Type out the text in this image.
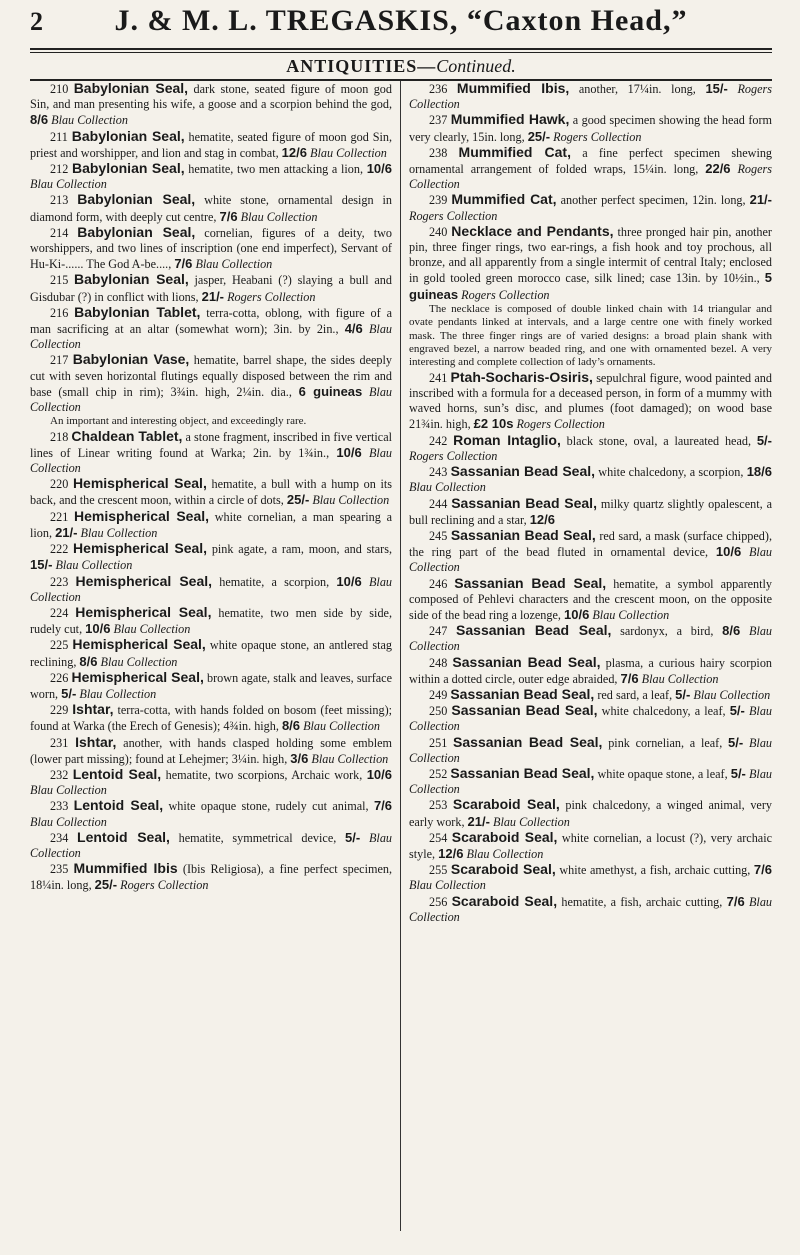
2	J. & M. L. TREGASKIS, “Caxton Head,”
ANTIQUITIES—Continued.

210 Babylonian Seal, dark stone, seated figure of moon god Sin, and man presenting his wife, a goose and a scorpion behind the god, 8/6 Blau Collection

211 Babylonian Seal, hematite, seated figure of moon god Sin, priest and worshipper, and lion and stag in combat, 12/6 Blau Collection

212 Babylonian Seal, hematite, two men attacking a lion, 10/6 Blau Collection

213 Babylonian Seal, white stone, ornamental design in diamond form, with deeply cut centre, 7/6 Blau Collection

214 Babylonian Seal, cornelian, figures of a deity, two worshippers, and two lines of inscription (one end imperfect), Servant of Hu-Ki-...... The God A-be...., 7/6 Blau Collection

215 Babylonian Seal, jasper, Heabani (?) slaying a bull and Gisdubar (?) in conflict with lions, 21/- Rogers Collection

216 Babylonian Tablet, terra-cotta, oblong, with figure of a man sacrificing at an altar (somewhat worn); 3in. by 2in., 4/6 Blau Collection

217 Babylonian Vase, hematite, barrel shape, the sides deeply cut with seven horizontal flutings equally disposed between the rim and base (small chip in rim); 3¾in. high, 2¼in. dia., 6 guineas Blau Collection

An important and interesting object, and exceedingly rare.

218 Chaldean Tablet, a stone fragment, inscribed in five vertical lines of Linear writing found at Warka; 2in. by 1¾in., 10/6 Blau Collection

220 Hemispherical Seal, hematite, a bull with a hump on its back, and the crescent moon, within a circle of dots, 25/- Blau Collection

221 Hemispherical Seal, white cornelian, a man spearing a lion, 21/- Blau Collection

222 Hemispherical Seal, pink agate, a ram, moon, and stars, 15/- Blau Collection

223 Hemispherical Seal, hematite, a scorpion, 10/6 Blau Collection

224 Hemispherical Seal, hematite, two men side by side, rudely cut, 10/6 Blau Collection

225 Hemispherical Seal, white opaque stone, an antlered stag reclining, 8/6 Blau Collection

226 Hemispherical Seal, brown agate, stalk and leaves, surface worn, 5/- Blau Collection

229 Ishtar, terra-cotta, with hands folded on bosom (feet missing); found at Warka (the Erech of Genesis); 4¾in. high, 8/6 Blau Collection

231 Ishtar, another, with hands clasped holding some emblem (lower part missing); found at Lehejmer; 3¼in. high, 3/6 Blau Collection

232 Lentoid Seal, hematite, two scorpions, Archaic work, 10/6 Blau Collection

233 Lentoid Seal, white opaque stone, rudely cut animal, 7/6 Blau Collection

234 Lentoid Seal, hematite, symmetrical device, 5/- Blau Collection

235 Mummified Ibis (Ibis Religiosa), a fine perfect specimen, 18¼in. long, 25/- Rogers Collection

236 Mummified Ibis, another, 17¼in. long, 15/- Rogers Collection

237 Mummified Hawk, a good specimen showing the head form very clearly, 15in. long, 25/- Rogers Collection

238 Mummified Cat, a fine perfect specimen shewing ornamental arrangement of folded wraps, 15¼in. long, 22/6 Rogers Collection

239 Mummified Cat, another perfect specimen, 12in. long, 21/- Rogers Collection

240 Necklace and Pendants, three pronged hair pin, another pin, three finger rings, two ear-rings, a fish hook and toy prochous, all bronze, and all apparently from a single intermit of central Italy; enclosed in gold tooled green morocco case, silk lined; case 13in. by 10½in., 5 guineas Rogers Collection

The necklace is composed of double linked chain with 14 triangular and ovate pendants linked at intervals, and a large centre one with finely worked mask. The three finger rings are of varied designs: a broad plain shank with engraved bezel, a narrow beaded ring, and one with ornamented bezel. A very interesting and complete collection of lady’s ornaments.

241 Ptah-Socharis-Osiris, sepulchral figure, wood painted and inscribed with a formula for a deceased person, in form of a mummy with waved horns, sun’s disc, and plumes (foot damaged); on wood base 21¾in. high, £2 10s Rogers Collection

242 Roman Intaglio, black stone, oval, a laureated head, 5/- Rogers Collection

243 Sassanian Bead Seal, white chalcedony, a scorpion, 18/6 Blau Collection

244 Sassanian Bead Seal, milky quartz slightly opalescent, a bull reclining and a star, 12/6

245 Sassanian Bead Seal, red sard, a mask (surface chipped), the ring part of the bead fluted in ornamental device, 10/6 Blau Collection

246 Sassanian Bead Seal, hematite, a symbol apparently composed of Pehlevi characters and the crescent moon, on the opposite side of the bead ring a lozenge, 10/6 Blau Collection

247 Sassanian Bead Seal, sardonyx, a bird, 8/6 Blau Collection

248 Sassanian Bead Seal, plasma, a curious hairy scorpion within a dotted circle, outer edge abraided, 7/6 Blau Collection

249 Sassanian Bead Seal, red sard, a leaf, 5/- Blau Collection

250 Sassanian Bead Seal, white chalcedony, a leaf, 5/- Blau Collection

251 Sassanian Bead Seal, pink cornelian, a leaf, 5/- Blau Collection

252 Sassanian Bead Seal, white opaque stone, a leaf, 5/- Blau Collection

253 Scaraboid Seal, pink chalcedony, a winged animal, very early work, 21/- Blau Collection

254 Scaraboid Seal, white cornelian, a locust (?), very archaic style, 12/6 Blau Collection

255 Scaraboid Seal, white amethyst, a fish, archaic cutting, 7/6 Blau Collection

256 Scaraboid Seal, hematite, a fish, archaic cutting, 7/6 Blau Collection
